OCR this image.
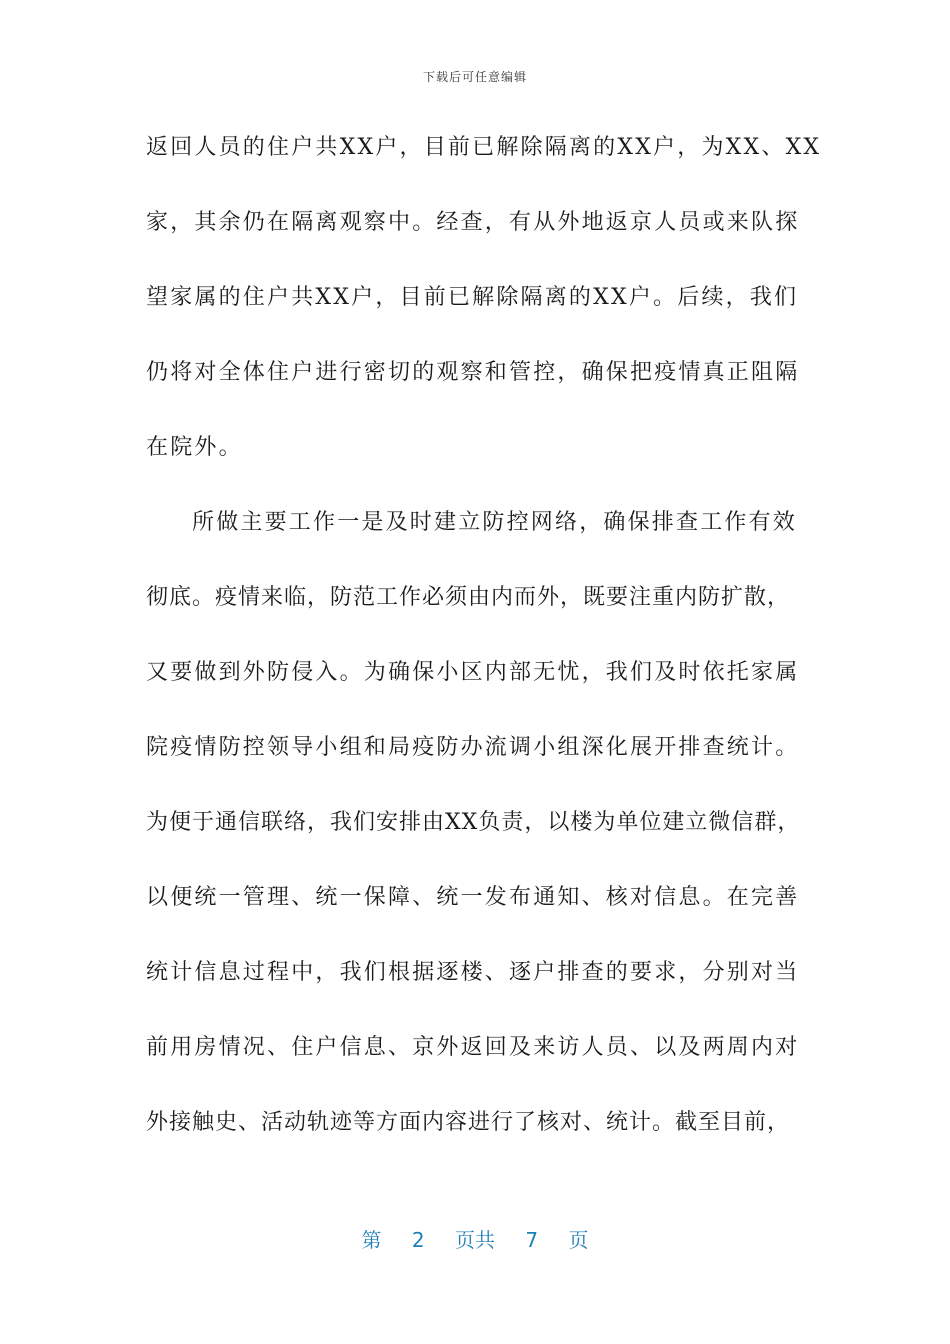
下载后可任意编辑
返回人员的住户共XX户，目前已解除隔离的XX户，为XX、XX
家，其余仍在隔离观察中。经查，有从外地返京人员或来队探
望家属的住户共XX户，目前已解除隔离的XX户。后续，我们
仍将对全体住户进行密切的观察和管控，确保把疫情真正阻隔
在院外。
所做主要工作一是及时建立防控网络，确保排查工作有效
彻底。疫情来临，防范工作必须由内而外，既要注重内防扩散，
又要做到外防侵入。为确保小区内部无忧，我们及时依托家属
院疫情防控领导小组和局疫防办流调小组深化展开排查统计。
为便于通信联络，我们安排由XX负责，以楼为单位建立微信群，
以便统一管理、统一保障、统一发布通知、核对信息。在完善
统计信息过程中，我们根据逐楼、逐户排查的要求，分别对当
前用房情况、住户信息、京外返回及来访人员、以及两周内对
外接触史、活动轨迹等方面内容进行了核对、统计。截至目前，
第 2 页共 7 页
